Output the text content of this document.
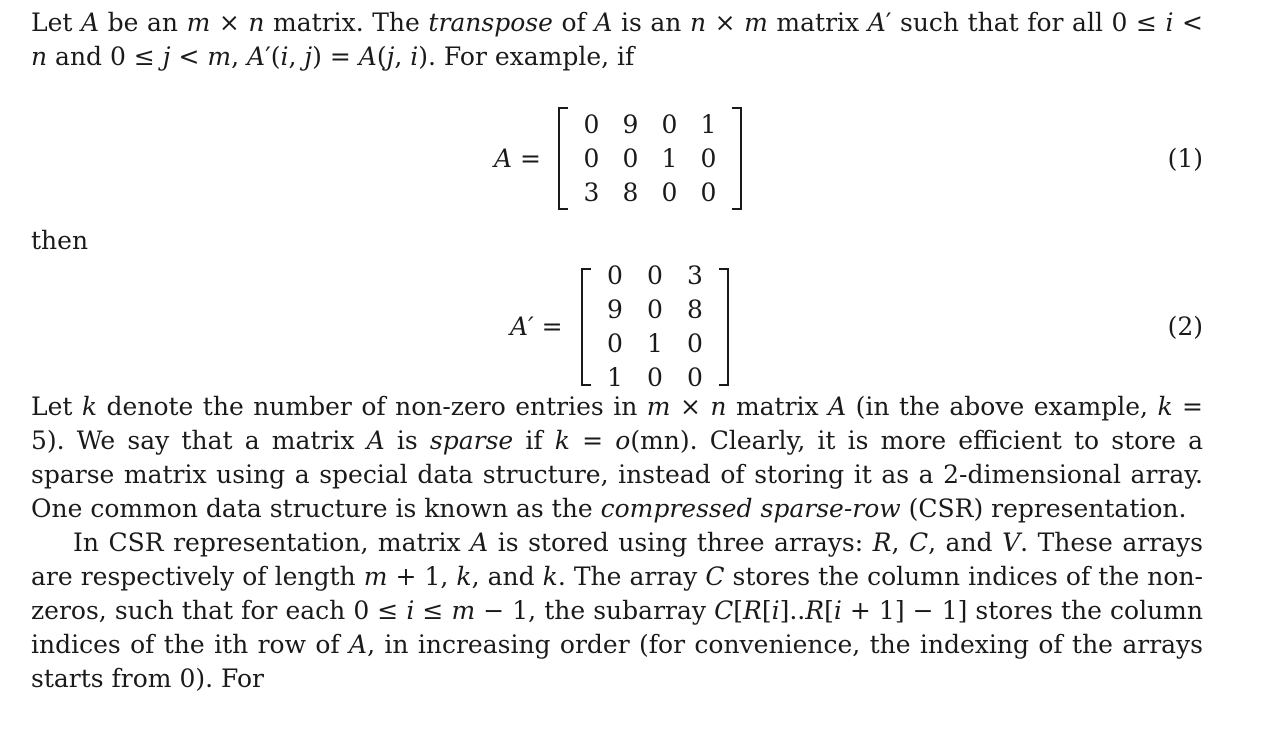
Let A be an m × n matrix. The transpose of A is an n × m matrix A′ such that for all 0 ≤ i < n and 0 ≤ j < m, A′(i, j) = A(j, i). For example, if

A =
0 9 0 1
0 0 1 0
3 8 0 0
(1)

then

A′ =
0 0 3
9 0 8
0 1 0
1 0 0
(2)

Let k denote the number of non-zero entries in m × n matrix A (in the above example, k = 5). We say that a matrix A is sparse if k = o(mn). Clearly, it is more efficient to store a sparse matrix using a special data structure, instead of storing it as a 2-dimensional array. One common data structure is known as the compressed sparse-row (CSR) representation.

In CSR representation, matrix A is stored using three arrays: R, C, and V. These arrays are respectively of length m + 1, k, and k. The array C stores the column indices of the non-zeros, such that for each 0 ≤ i ≤ m − 1, the subarray C[R[i]..R[i + 1] − 1] stores the column indices of the ith row of A, in increasing order (for convenience, the indexing of the arrays starts from 0). For
